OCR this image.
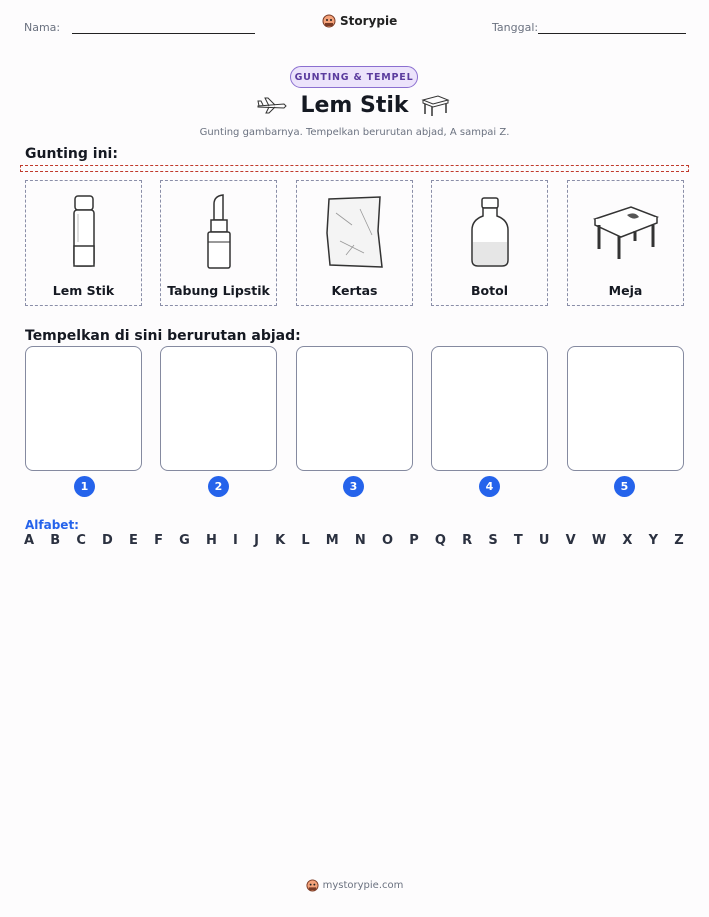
Nama:	Storypie	Tanggal:
GUNTING & TEMPEL
Lem Stik
Gunting gambarnya. Tempelkan berurutan abjad, A sampai Z.
Gunting ini:
Lem Stik	Tabung Lipstik	Kertas	Botol	Meja
Tempelkan di sini berurutan abjad:
1	2	3	4	5
Alfabet:
A B C D E F G H I J K L M N O P Q R S T U V W X Y Z
mystorypie.com
